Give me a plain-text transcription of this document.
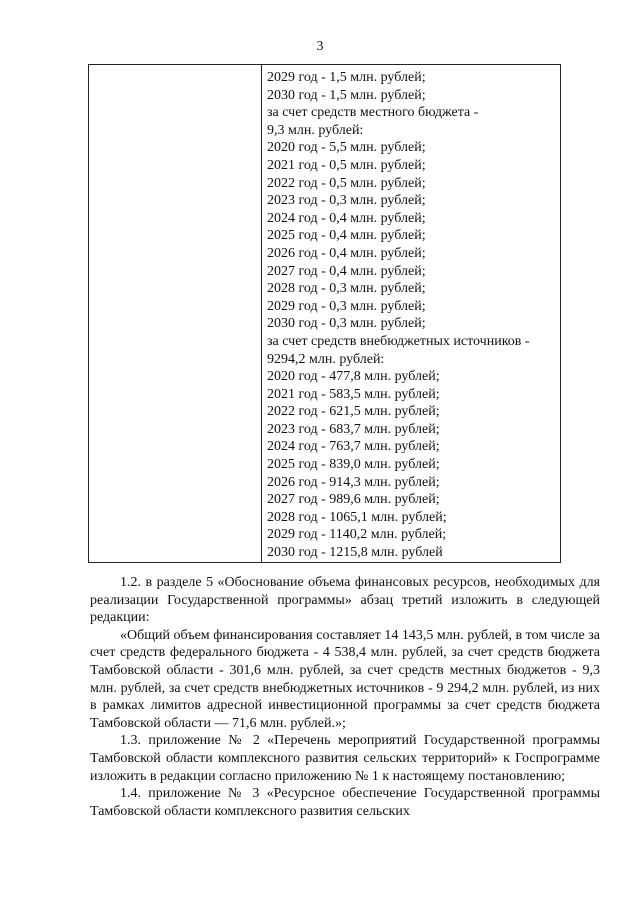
3
2029 год - 1,5 млн. рублей;
2030 год - 1,5 млн. рублей;
за счет средств местного бюджета -
9,3 млн. рублей:
2020 год - 5,5 млн. рублей;
2021 год - 0,5 млн. рублей;
2022 год - 0,5 млн. рублей;
2023 год - 0,3 млн. рублей;
2024 год - 0,4 млн. рублей;
2025 год - 0,4 млн. рублей;
2026 год - 0,4 млн. рублей;
2027 год - 0,4 млн. рублей;
2028 год - 0,3 млн. рублей;
2029 год - 0,3 млн. рублей;
2030 год - 0,3 млн. рублей;
за счет средств внебюджетных источников -
9294,2 млн. рублей:
2020 год - 477,8 млн. рублей;
2021 год - 583,5 млн. рублей;
2022 год - 621,5 млн. рублей;
2023 год - 683,7 млн. рублей;
2024 год - 763,7 млн. рублей;
2025 год - 839,0 млн. рублей;
2026 год - 914,3 млн. рублей;
2027 год - 989,6 млн. рублей;
2028 год - 1065,1 млн. рублей;
2029 год - 1140,2 млн. рублей;
2030 год - 1215,8 млн. рублей

1.2. в разделе 5 «Обоснование объема финансовых ресурсов, необходимых для реализации Государственной программы» абзац третий изложить в следующей редакции:

«Общий объем финансирования составляет 14 143,5 млн. рублей, в том числе за счет средств федерального бюджета - 4 538,4 млн. рублей, за счет средств бюджета Тамбовской области - 301,6 млн. рублей, за счет средств местных бюджетов - 9,3 млн. рублей, за счет средств внебюджетных источников - 9 294,2 млн. рублей, из них в рамках лимитов адресной инвестиционной программы за счет средств бюджета Тамбовской области — 71,6 млн. рублей.»;

1.3. приложение № 2 «Перечень мероприятий Государственной программы Тамбовской области комплексного развития сельских территорий» к Госпрограмме изложить в редакции согласно приложению № 1 к настоящему постановлению;

1.4. приложение № 3 «Ресурсное обеспечение Государственной программы Тамбовской области комплексного развития сельских
